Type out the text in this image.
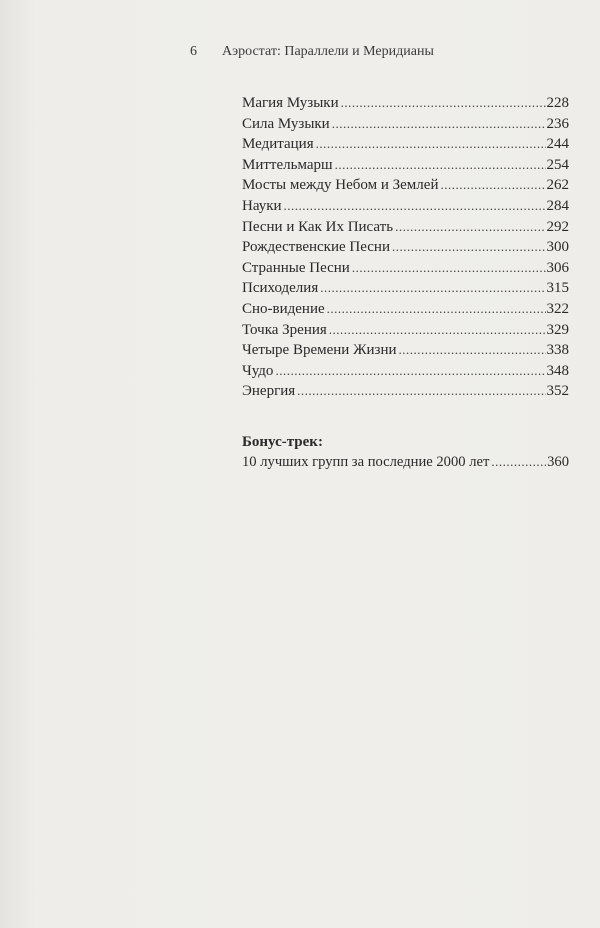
6 Аэростат: Параллели и Меридианы
Магия Музыки .....	228
Сила Музыки .....	236
Медитация .....	244
Миттельмарш .....	254
Мосты между Небом и Землей .....	262
Науки .....	284
Песни и Как Их Писать .....	292
Рождественские Песни .....	300
Странные Песни .....	306
Психоделия .....	315
Сно-видение .....	322
Точка Зрения .....	329
Четыре Времени Жизни .....	338
Чудо .....	348
Энергия .....	352
Бонус-трек:
10 лучших групп за последние 2000 лет .....	360
